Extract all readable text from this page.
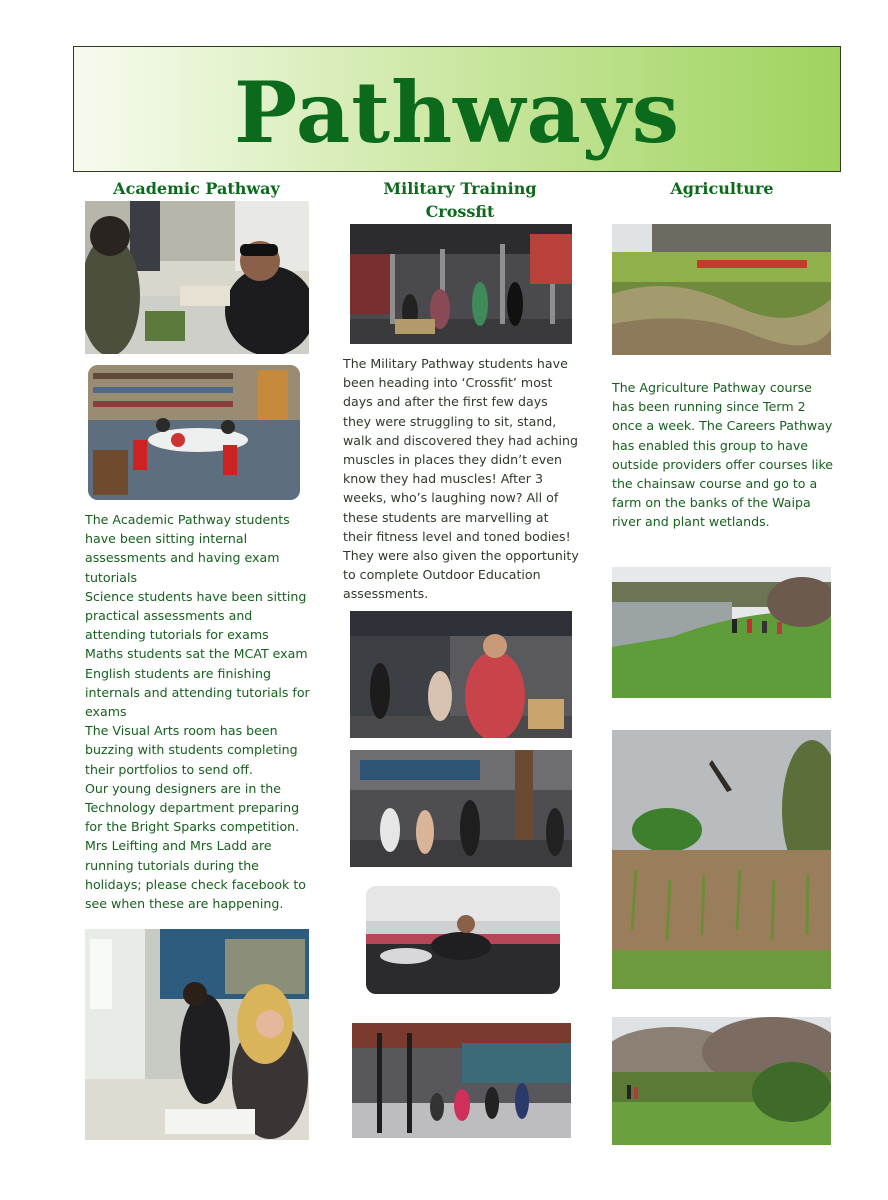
Pathways
Academic Pathway	Military Training
Crossfit
Agriculture

The Academic Pathway students have been sitting internal assessments and having exam tutorials

Science students have been sitting practical assessments and attending tutorials for exams

Maths students sat the MCAT exam

English students are finishing internals and attending tutorials for exams

The Visual Arts room has been buzzing with students completing their portfolios to send off.

Our young designers are in the Technology department preparing for the Bright Sparks competition.

Mrs Leifting and Mrs Ladd are running tutorials during the holidays; please check facebook to see when these are happening.

The Military Pathway students have been heading into ‘Crossfit’ most days and after the first few days they were struggling to sit, stand, walk and discovered they had aching muscles in places they didn’t even know they had muscles! After 3 weeks, who’s laughing now? All of these students are marvelling at their fitness level and toned bodies! They were also given the opportunity to complete Outdoor Education assessments.
The Agriculture Pathway course has been running since Term 2 once a week. The Careers Pathway has enabled this group to have outside providers offer courses like the chainsaw course and go to a farm on the banks of the Waipa river and plant wetlands.
